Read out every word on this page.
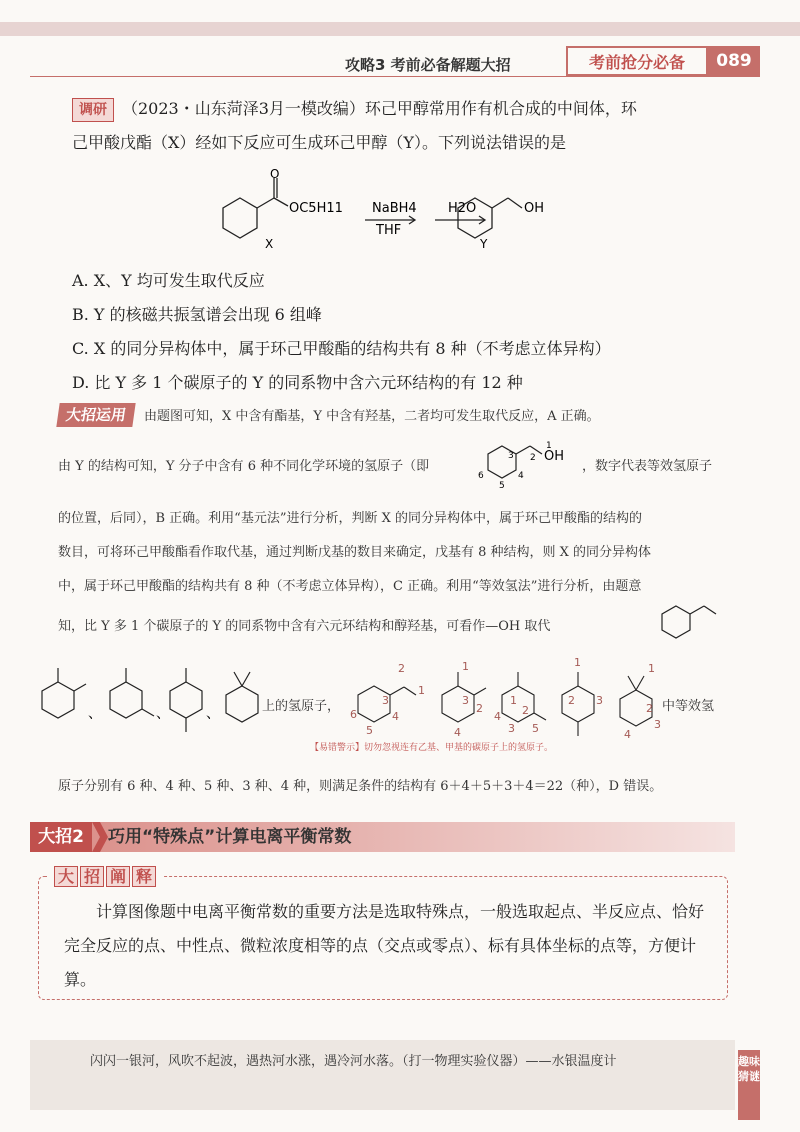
攻略3 考前必备解题大招	考前抢分必备	089
调研 （2023・山东菏泽3月一模改编）环己甲醇常用作有机合成的中间体，环
己甲酸戊酯（X）经如下反应可生成环己甲醇（Y）。下列说法错误的是
O
OC5H11
X
NaBH4
THF
H2O	OH
Y
A. X、Y 均可发生取代反应
B. Y 的核磁共振氢谱会出现 6 组峰
C. X 的同分异构体中，属于环己甲酸酯的结构共有 8 种（不考虑立体异构）
D. 比 Y 多 1 个碳原子的 Y 的同系物中含六元环结构的有 12 种
大招运用 由题图可知，X 中含有酯基，Y 中含有羟基，二者均可发生取代反应，A 正确。
由 Y 的结构可知，Y 分子中含有 6 种不同化学环境的氢原子（即
OH
1
2
3
4
5
6
，数字代表等效氢原子
的位置，后同），B 正确。利用“基元法”进行分析，判断 X 的同分异构体中，属于环己甲酸酯的结构的
数目，可将环己甲酸酯看作取代基，通过判断戊基的数目来确定，戊基有 8 种结构，则 X 的同分异构体
中，属于环己甲酸酯的结构共有 8 种（不考虑立体异构），C 正确。利用“等效氢法”进行分析，由题意
知，比 Y 多 1 个碳原子的 Y 的同系物中含有六元环结构和醇羟基，可看作—OH 取代
、	、	、	上的氢原子，
2
1
3
4
5
6
1
2
3
4
1
2
3
4
5
1
2 3
1
2
3
4
中等效氢
【易错警示】切勿忽视连有乙基、甲基的碳原子上的氢原子。
原子分别有 6 种、4 种、5 种、3 种、4 种，则满足条件的结构有 6＋4＋5＋3＋4＝22（种），D 错误。
大招2	巧用“特殊点”计算电离平衡常数
大 招 阐 释
计算图像题中电离平衡常数的重要方法是选取特殊点，一般选取起点、半反应点、恰好完全反应的点、中性点、微粒浓度相等的点（交点或零点）、标有具体坐标的点等，方便计算。
闪闪一银河，风吹不起波，遇热河水涨，遇冷河水落。（打一物理实验仪器）——水银温度计	趣味猜谜
